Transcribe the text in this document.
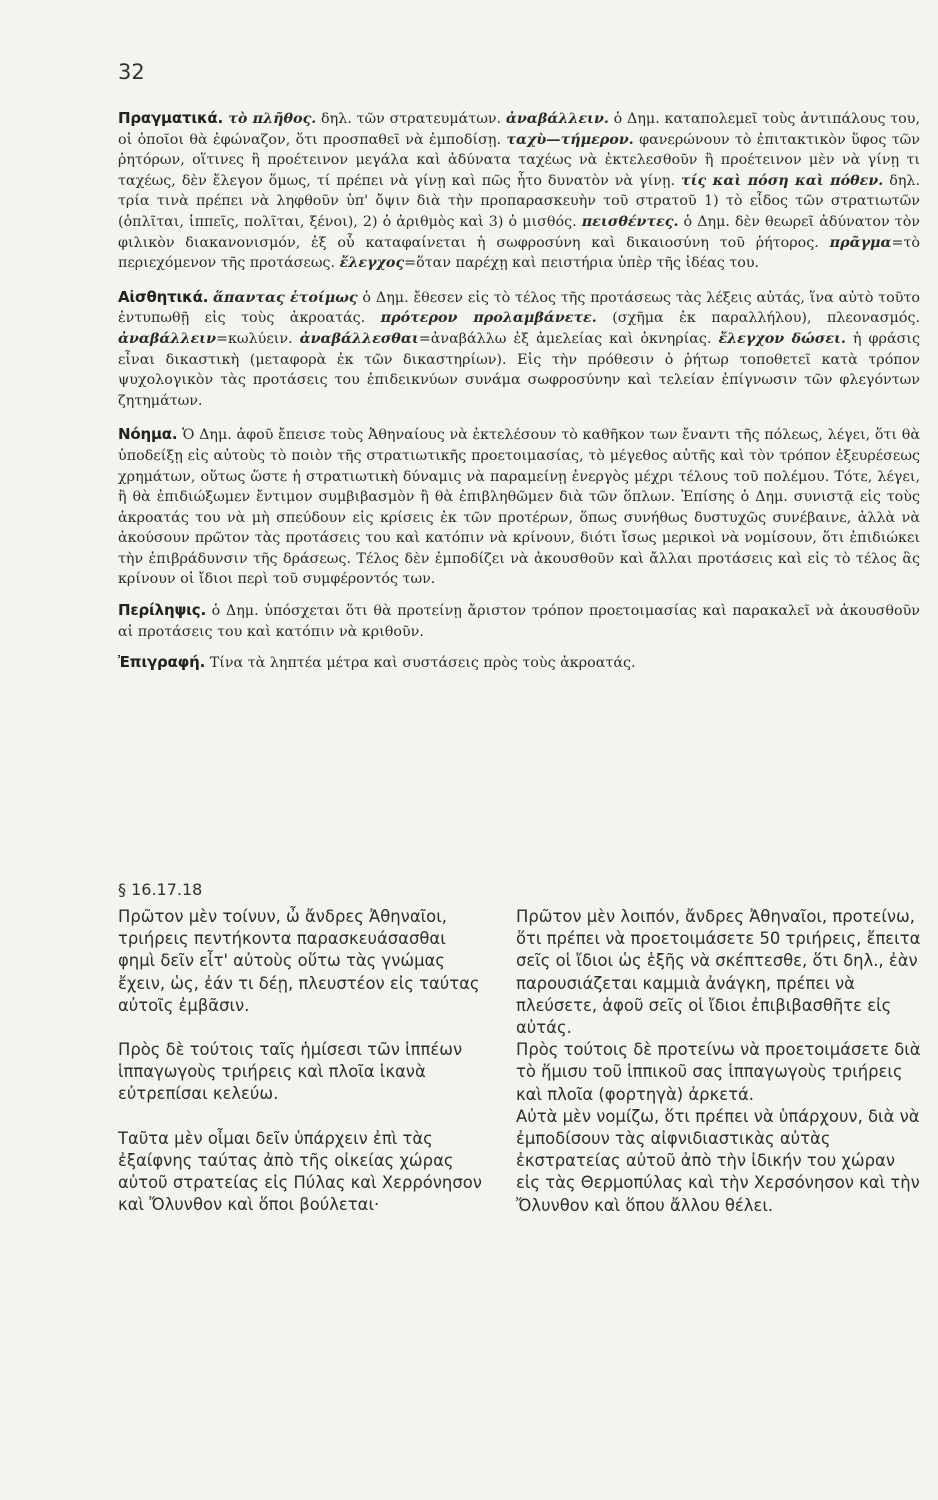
32

Πραγματικά. τὸ πλῆθος. δηλ. τῶν στρατευμάτων. ἀναβάλλειν. ὁ Δημ. καταπολεμεῖ τοὺς ἀντιπάλους του, οἱ ὁποῖοι θὰ ἐφώναζον, ὅτι προσπαθεῖ νὰ ἐμποδίσῃ. ταχὺ—τήμερον. φανερώνουν τὸ ἐπιτακτικὸν ὕφος τῶν ῥητόρων, οἵτινες ἢ προέτεινον μεγάλα καὶ ἀδύνατα ταχέως νὰ ἐκτελεσθοῦν ἢ προέτεινον μὲν νὰ γίνῃ τι ταχέως, δὲν ἔλεγον ὅμως, τί πρέπει νὰ γίνῃ καὶ πῶς ἦτο δυνατὸν νὰ γίνῃ. τίς καὶ πόση καὶ πόθεν. δηλ. τρία τινὰ πρέπει νὰ ληφθοῦν ὑπ' ὄψιν διὰ τὴν προπαρασκευὴν τοῦ στρατοῦ 1) τὸ εἶδος τῶν στρατιωτῶν (ὁπλῖται, ἱππεῖς, πολῖται, ξένοι), 2) ὁ ἀριθμὸς καὶ 3) ὁ μισθός. πεισθέντες. ὁ Δημ. δὲν θεωρεῖ ἀδύνατον τὸν φιλικὸν διακανονισμόν, ἐξ οὗ καταφαίνεται ἡ σωφροσύνη καὶ δικαιοσύνη τοῦ ῥήτορος. πρᾶγμα=τὸ περιεχόμενον τῆς προτάσεως. ἔλεγχος=ὅταν παρέχῃ καὶ πειστήρια ὑπὲρ τῆς ἰδέας του.

Αἰσθητικά. ἅπαντας ἑτοίμως ὁ Δημ. ἔθεσεν εἰς τὸ τέλος τῆς προτάσεως τὰς λέξεις αὐτάς, ἵνα αὐτὸ τοῦτο ἐντυπωθῇ εἰς τοὺς ἀκροατάς. πρότερον προλαμβάνετε. (σχῆμα ἐκ παραλλήλου), πλεονασμός. ἀναβάλλειν=κωλύειν. ἀναβάλλεσθαι=ἀναβάλλω ἐξ ἀμελείας καὶ ὀκνηρίας. ἔλεγχον δώσει. ἡ φράσις εἶναι δικαστικὴ (μεταφορὰ ἐκ τῶν δικαστηρίων). Εἰς τὴν πρόθεσιν ὁ ῥήτωρ τοποθετεῖ κατὰ τρόπον ψυχολογικὸν τὰς προτάσεις του ἐπιδεικνύων συνάμα σωφροσύνην καὶ τελείαν ἐπίγνωσιν τῶν φλεγόντων ζητημάτων.

Νόημα. Ὁ Δημ. ἀφοῦ ἔπεισε τοὺς Ἀθηναίους νὰ ἐκτελέσουν τὸ καθῆκον των ἔναντι τῆς πόλεως, λέγει, ὅτι θὰ ὑποδείξῃ εἰς αὐτοὺς τὸ ποιὸν τῆς στρατιωτικῆς προετοιμασίας, τὸ μέγεθος αὐτῆς καὶ τὸν τρόπον ἐξευρέσεως χρημάτων, οὕτως ὥστε ἡ στρατιωτικὴ δύναμις νὰ παραμείνῃ ἐνεργὸς μέχρι τέλους τοῦ πολέμου. Τότε, λέγει, ἢ θὰ ἐπιδιώξωμεν ἔντιμον συμβιβασμὸν ἢ θὰ ἐπιβληθῶμεν διὰ τῶν ὅπλων. Ἐπίσης ὁ Δημ. συνιστᾷ εἰς τοὺς ἀκροατάς του νὰ μὴ σπεύδουν εἰς κρίσεις ἐκ τῶν προτέρων, ὅπως συνήθως δυστυχῶς συνέβαινε, ἀλλὰ νὰ ἀκούσουν πρῶτον τὰς προτάσεις του καὶ κατόπιν νὰ κρίνουν, διότι ἴσως μερικοὶ νὰ νομίσουν, ὅτι ἐπιδιώκει τὴν ἐπιβράδυνσιν τῆς δράσεως. Τέλος δὲν ἐμποδίζει νὰ ἀκουσθοῦν καὶ ἄλλαι προτάσεις καὶ εἰς τὸ τέλος ἃς κρίνουν οἱ ἴδιοι περὶ τοῦ συμφέροντός των.

Περίληψις. ὁ Δημ. ὑπόσχεται ὅτι θὰ προτείνῃ ἄριστον τρόπον προετοιμασίας καὶ παρακαλεῖ νὰ ἀκουσθοῦν αἱ προτάσεις του καὶ κατόπιν νὰ κριθοῦν.

Ἐπιγραφή. Τίνα τὰ ληπτέα μέτρα καὶ συστάσεις πρὸς τοὺς ἀκροατάς.

§ 16.17.18

Πρῶτον μὲν τοίνυν, ὦ ἄνδρες Ἀθηναῖοι, τριήρεις πεντήκοντα παρασκευάσασθαι φημὶ δεῖν εἶτ' αὐτοὺς οὕτω τὰς γνώμας ἔχειν, ὡς, ἐάν τι δέῃ, πλευστέον εἰς ταύτας αὐτοῖς ἐμβᾶσιν.

Πρὸς δὲ τούτοις ταῖς ἡμίσεσι τῶν ἱππέων ἱππαγωγοὺς τριήρεις καὶ πλοῖα ἱκανὰ εὐτρεπίσαι κελεύω.

Ταῦτα μὲν οἶμαι δεῖν ὑπάρχειν ἐπὶ τὰς ἐξαίφνης ταύτας ἀπὸ τῆς οἰκείας χώρας αὐτοῦ στρατείας εἰς Πύλας καὶ Χερρόνησον καὶ Ὄλυνθον καὶ ὅποι βούλεται·

Πρῶτον μὲν λοιπόν, ἄνδρες Ἀθηναῖοι, προτείνω, ὅτι πρέπει νὰ προετοιμάσετε 50 τριήρεις, ἔπειτα σεῖς οἱ ἴδιοι ὡς ἑξῆς νὰ σκέπτεσθε, ὅτι δηλ., ἐὰν παρουσιάζεται καμμιὰ ἀνάγκη, πρέπει νὰ πλεύσετε, ἀφοῦ σεῖς οἱ ἴδιοι ἐπιβιβασθῆτε εἰς αὐτάς.

Πρὸς τούτοις δὲ προτείνω νὰ προετοιμάσετε διὰ τὸ ἥμισυ τοῦ ἱππικοῦ σας ἱππαγωγοὺς τριήρεις καὶ πλοῖα (φορτηγὰ) ἀρκετά.

Αὐτὰ μὲν νομίζω, ὅτι πρέπει νὰ ὑπάρχουν, διὰ νὰ ἐμποδίσουν τὰς αἰφνιδιαστικὰς αὐτὰς ἐκστρατείας αὐτοῦ ἀπὸ τὴν ἰδικήν του χώραν εἰς τὰς Θερμοπύλας καὶ τὴν Χερσόνησον καὶ τὴν Ὄλυνθον καὶ ὅπου ἄλλου θέλει.
